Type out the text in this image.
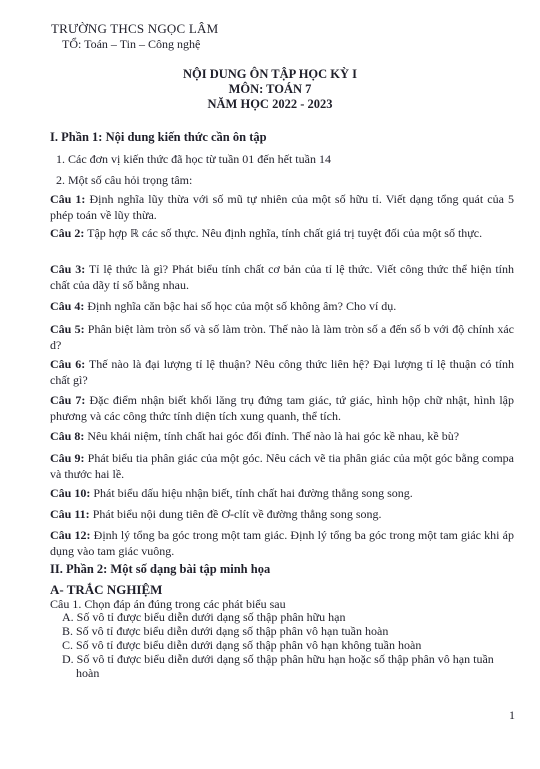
TRƯỜNG THCS NGỌC LÂM
TỔ: Toán – Tin – Công nghệ
NỘI DUNG ÔN TẬP HỌC KỲ I
MÔN: TOÁN 7
NĂM HỌC 2022 - 2023
I. Phần 1: Nội dung kiến thức cần ôn tập
1. Các đơn vị kiến thức đã học từ tuần 01 đến hết tuần 14
2. Một số câu hỏi trọng tâm:
Câu 1: Định nghĩa lũy thừa với số mũ tự nhiên của một số hữu tỉ. Viết dạng tổng quát của 5 phép toán về lũy thừa.
Câu 2: Tập hợp ℝ các số thực. Nêu định nghĩa, tính chất giá trị tuyệt đối của một số thực.
Câu 3: Tỉ lệ thức là gì? Phát biểu tính chất cơ bản của tỉ lệ thức. Viết công thức thể hiện tính chất của dãy tỉ số bằng nhau.
Câu 4: Định nghĩa căn bậc hai số học của một số không âm? Cho ví dụ.
Câu 5: Phân biệt làm tròn số và số làm tròn. Thế nào là làm tròn số a đến số b với độ chính xác d?
Câu 6: Thế nào là đại lượng tỉ lệ thuận? Nêu công thức liên hệ? Đại lượng tỉ lệ thuận có tính chất gì?
Câu 7: Đặc điểm nhận biết khối lăng trụ đứng tam giác, tứ giác, hình hộp chữ nhật, hình lập phương và các công thức tính diện tích xung quanh, thể tích.
Câu 8: Nêu khái niệm, tính chất hai góc đối đỉnh. Thế nào là hai góc kề nhau, kề bù?
Câu 9: Phát biểu tia phân giác của một góc. Nêu cách vẽ tia phân giác của một góc bằng compa và thước hai lề.
Câu 10: Phát biểu dấu hiệu nhận biết, tính chất hai đường thẳng song song.
Câu 11: Phát biểu nội dung tiên đề Ơ-clít về đường thẳng song song.
Câu 12: Định lý tổng ba góc trong một tam giác. Định lý tổng ba góc trong một tam giác khi áp dụng vào tam giác vuông.
II. Phần 2: Một số dạng bài tập minh họa
A- TRẮC NGHIỆM
Câu 1. Chọn đáp án đúng trong các phát biểu sau
A. Số vô tỉ được biểu diễn dưới dạng số thập phân hữu hạn
B. Số vô tỉ được biểu diễn dưới dạng số thập phân vô hạn tuần hoàn
C. Số vô tỉ được biểu diễn dưới dạng số thập phân vô hạn không tuần hoàn
D. Số vô tỉ được biểu diễn dưới dạng số thập phân hữu hạn hoặc số thập phân vô hạn tuần hoàn
1
